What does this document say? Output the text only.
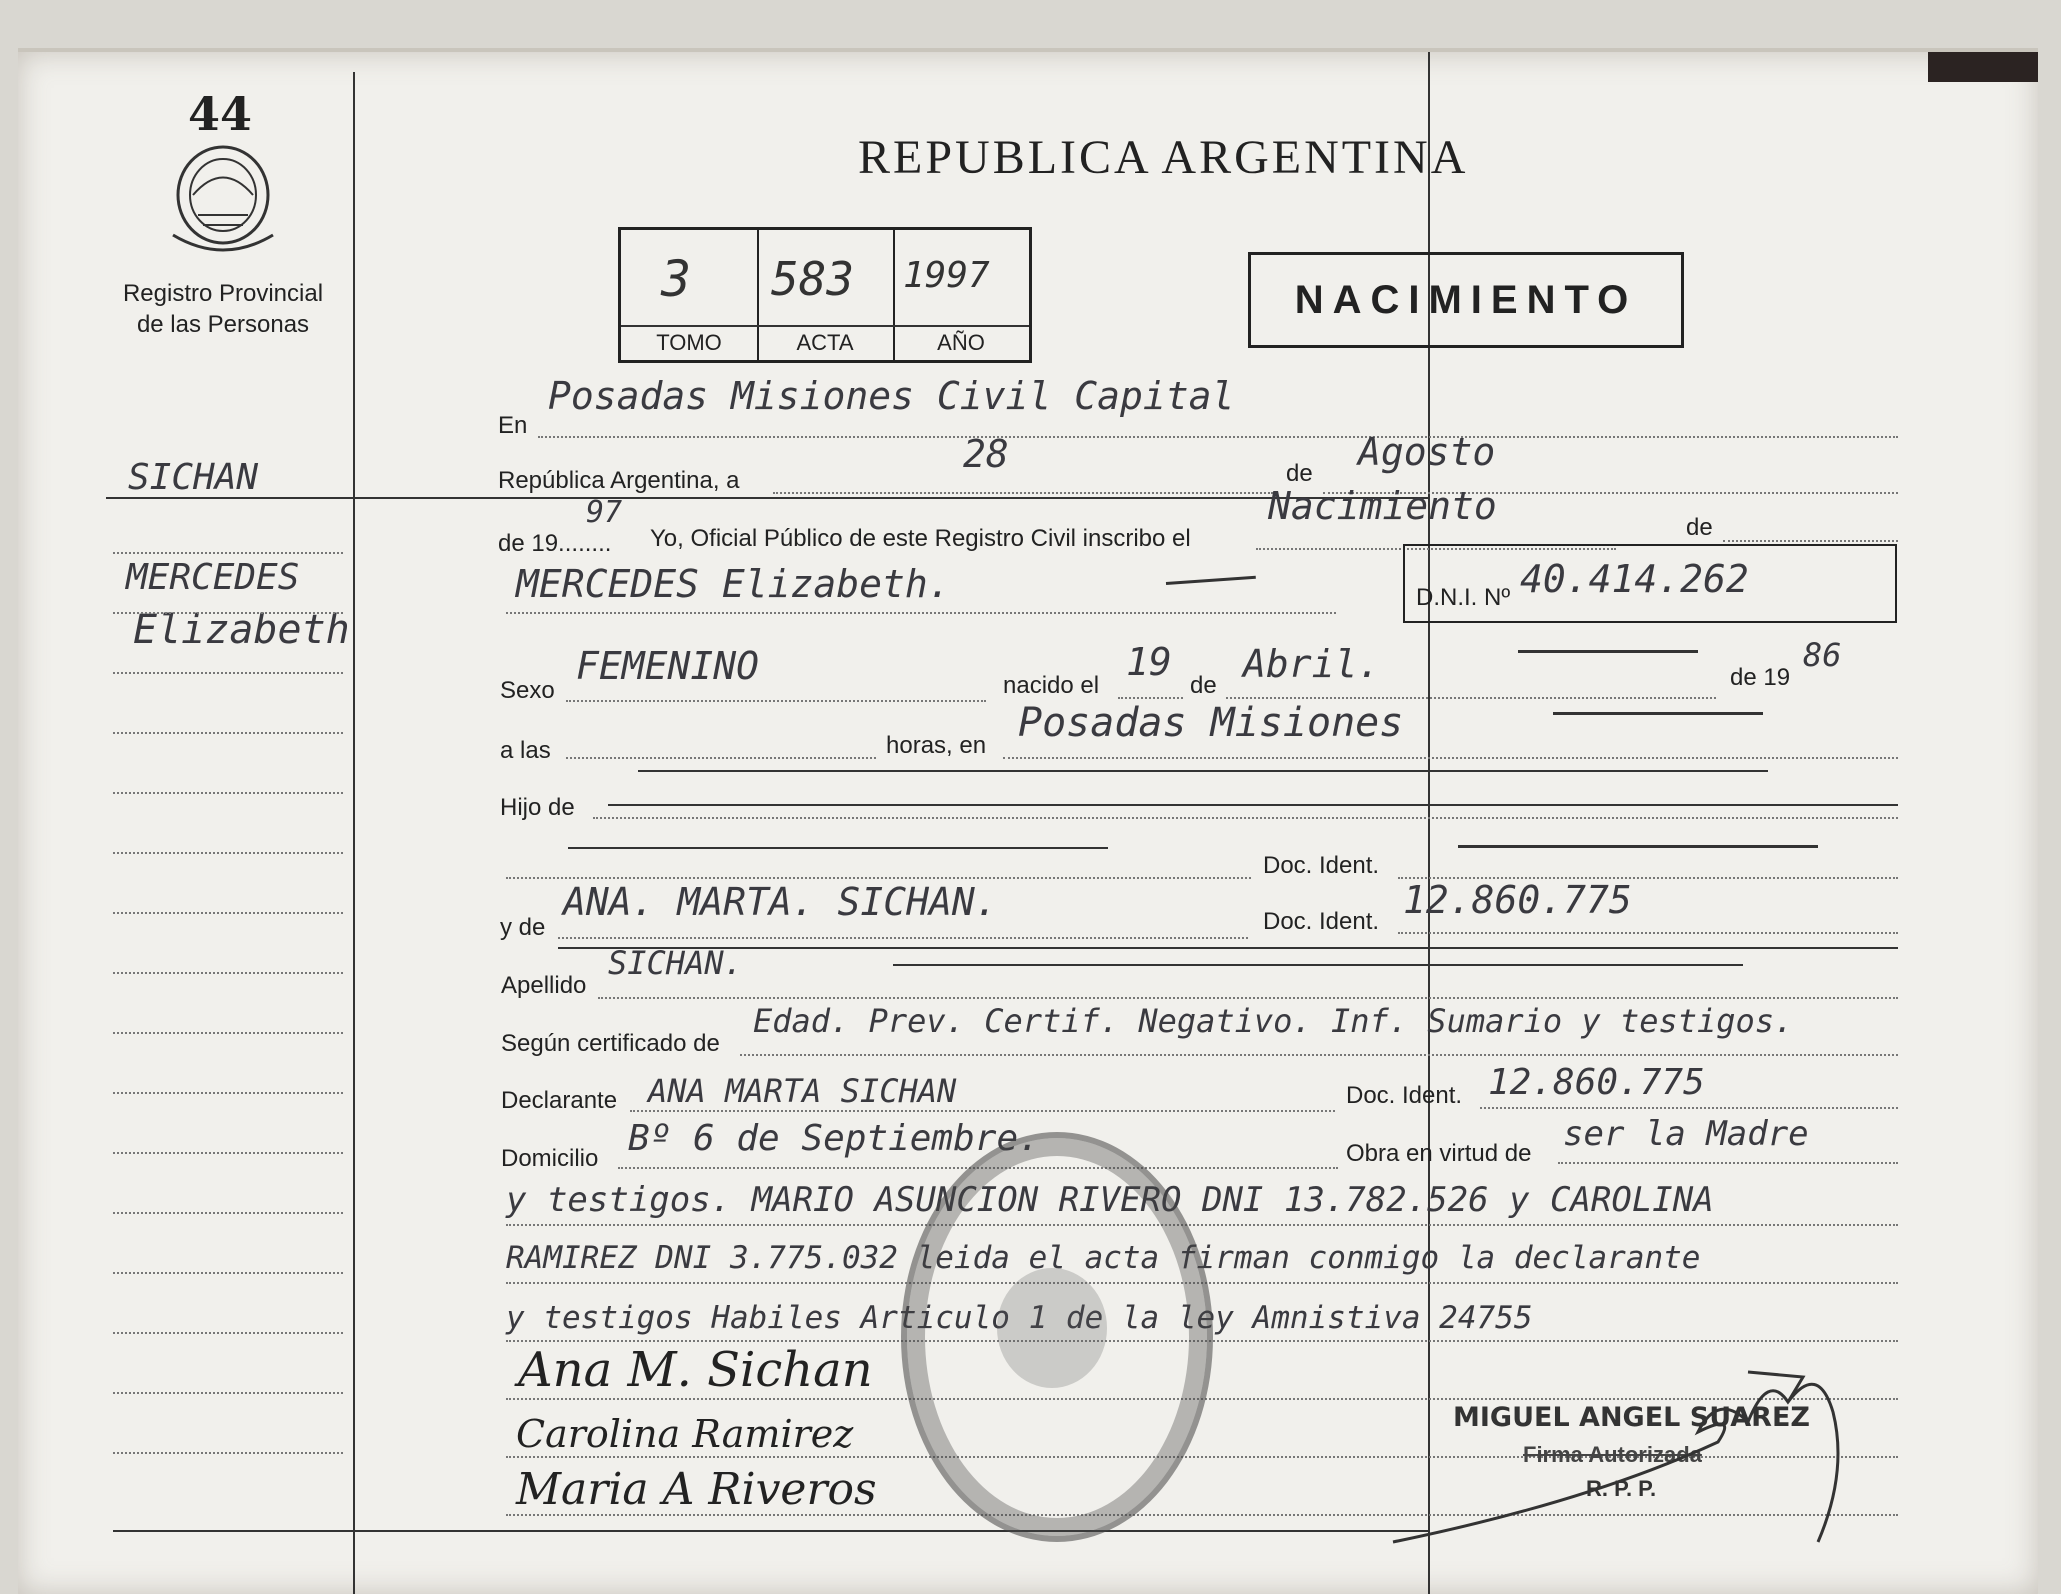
44
Registro Provincial
de las Personas
SICHAN
MERCEDES
Elizabeth
REPUBLICA ARGENTINA
3 583 1997
TOMO	ACTA	AÑO
NACIMIENTO
En
Posadas Misiones Civil Capital
República Argentina, a
28	de Agosto
de 19........
97
Yo, Oficial Público de este Registro Civil inscribo el
Nacimiento	de
MERCEDES Elizabeth.	D.N.I. Nº 40.414.262
Sexo
FEMENINO	nacido el
19
de Abril.	de 19
86
a las	horas, en Posadas Misiones
Hijo de
Doc. Ident.
y de
ANA. MARTA. SICHAN.	Doc. Ident. 12.860.775
Apellido
SICHAN.
Según certificado de
Edad. Prev. Certif. Negativo. Inf. Sumario y testigos.
Declarante ANA MARTA SICHAN	Doc. Ident. 12.860.775
Domicilio Bº 6 de Septiembre.	Obra en virtud de ser la Madre
y testigos. MARIO ASUNCION RIVERO DNI 13.782.526 y CAROLINA
RAMIREZ DNI 3.775.032 leida el acta firman conmigo la declarante
y testigos Habiles Articulo 1 de la ley Amnistiva 24755
Ana M. Sichan
Carolina Ramirez
Maria A Riveros
MIGUEL ANGEL SUAREZ
Firma Autorizada
R. P. P.
